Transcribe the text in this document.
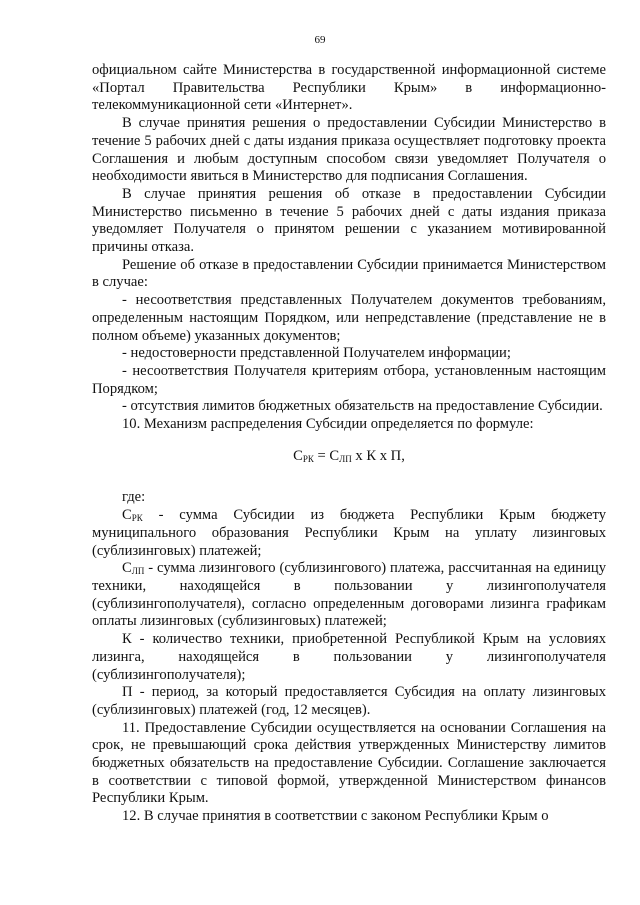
69

официальном сайте Министерства в государственной информационной системе «Портал Правительства Республики Крым» в информационно-телекоммуникационной сети «Интернет».

В случае принятия решения о предоставлении Субсидии Министерство в течение 5 рабочих дней с даты издания приказа осуществляет подготовку проекта Соглашения и любым доступным способом связи уведомляет Получателя о необходимости явиться в Министерство для подписания Соглашения.

В случае принятия решения об отказе в предоставлении Субсидии Министерство письменно в течение 5 рабочих дней с даты издания приказа уведомляет Получателя о принятом решении с указанием мотивированной причины отказа.

Решение об отказе в предоставлении Субсидии принимается Министерством в случае:

- несоответствия представленных Получателем документов требованиям, определенным настоящим Порядком, или непредставление (представление не в полном объеме) указанных документов;

- недостоверности представленной Получателем информации;

- несоответствия Получателя критериям отбора, установленным настоящим Порядком;

- отсутствия лимитов бюджетных обязательств на предоставление Субсидии.

10. Механизм распределения Субсидии определяется по формуле:

$С_{РК} = С_{ЛП}$ х К х П,

где:

$С_{РК}$ - сумма Субсидии из бюджета Республики Крым бюджету муниципального образования Республики Крым на уплату лизинговых (сублизинговых) платежей;

$С_{ЛП}$ - сумма лизингового (сублизингового) платежа, рассчитанная на единицу техники, находящейся в пользовании у лизингополучателя (сублизингополучателя), согласно определенным договорами лизинга графикам оплаты лизинговых (сублизинговых) платежей;

К - количество техники, приобретенной Республикой Крым на условиях лизинга, находящейся в пользовании у лизингополучателя (сублизингополучателя);

П - период, за который предоставляется Субсидия на оплату лизинговых (сублизинговых) платежей (год, 12 месяцев).

11. Предоставление Субсидии осуществляется на основании Соглашения на срок, не превышающий срока действия утвержденных Министерству лимитов бюджетных обязательств на предоставление Субсидии. Соглашение заключается в соответствии с типовой формой, утвержденной Министерством финансов Республики Крым.

12. В случае принятия в соответствии с законом Республики Крым о
